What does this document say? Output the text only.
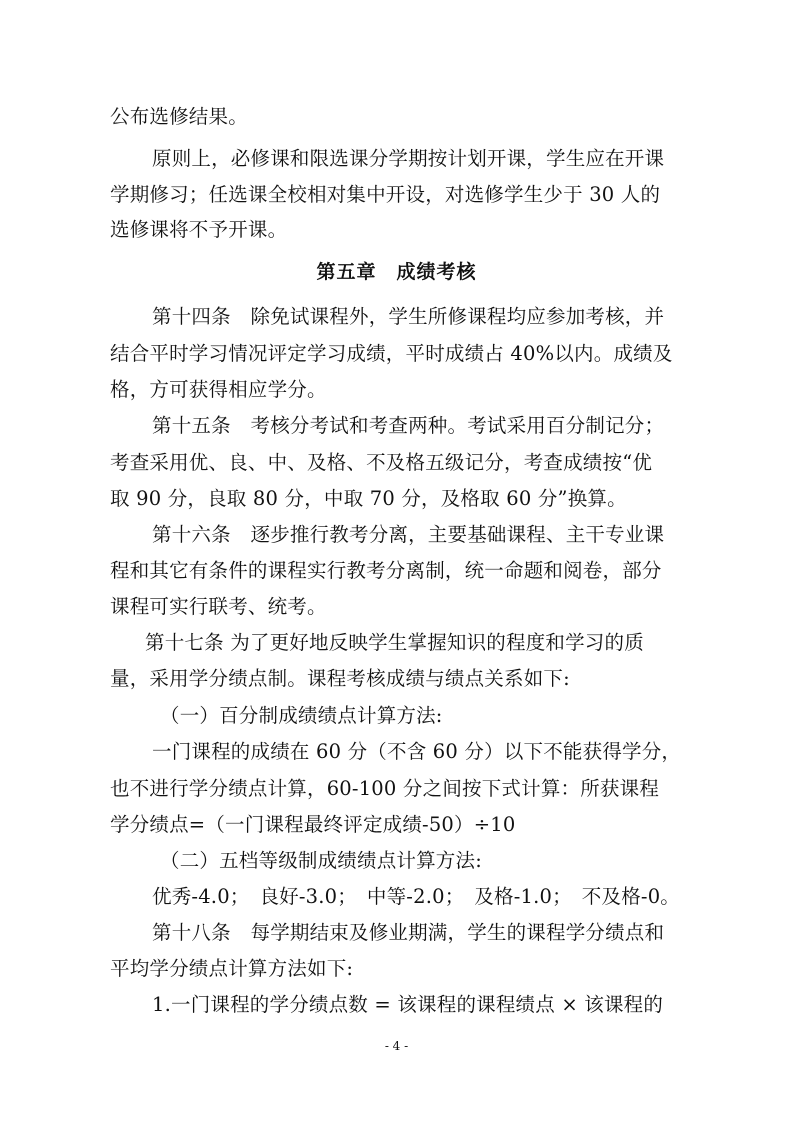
公布选修结果。
原则上，必修课和限选课分学期按计划开课，学生应在开课
学期修习；任选课全校相对集中开设，对选修学生少于 30 人的
选修课将不予开课。
第五章　成绩考核
第十四条　除免试课程外，学生所修课程均应参加考核，并
结合平时学习情况评定学习成绩，平时成绩占 40%以内。成绩及
格，方可获得相应学分。
第十五条　考核分考试和考查两种。考试采用百分制记分；
考查采用优、良、中、及格、不及格五级记分，考查成绩按“优
取 90 分，良取 80 分，中取 70 分，及格取 60 分”换算。
第十六条　逐步推行教考分离，主要基础课程、主干专业课
程和其它有条件的课程实行教考分离制，统一命题和阅卷，部分
课程可实行联考、统考。
第十七条 为了更好地反映学生掌握知识的程度和学习的质
量，采用学分绩点制。课程考核成绩与绩点关系如下:
（一）百分制成绩绩点计算方法:
一门课程的成绩在 60 分（不含 60 分）以下不能获得学分，
也不进行学分绩点计算，60-100 分之间按下式计算：所获课程
学分绩点=（一门课程最终评定成绩-50）÷10
（二）五档等级制成绩绩点计算方法:
优秀-4.0；　良好-3.0；　中等-2.0；　及格-1.0；　不及格-0。
第十八条　每学期结束及修业期满，学生的课程学分绩点和
平均学分绩点计算方法如下:
1.一门课程的学分绩点数 = 该课程的课程绩点 × 该课程的
- 4 -
